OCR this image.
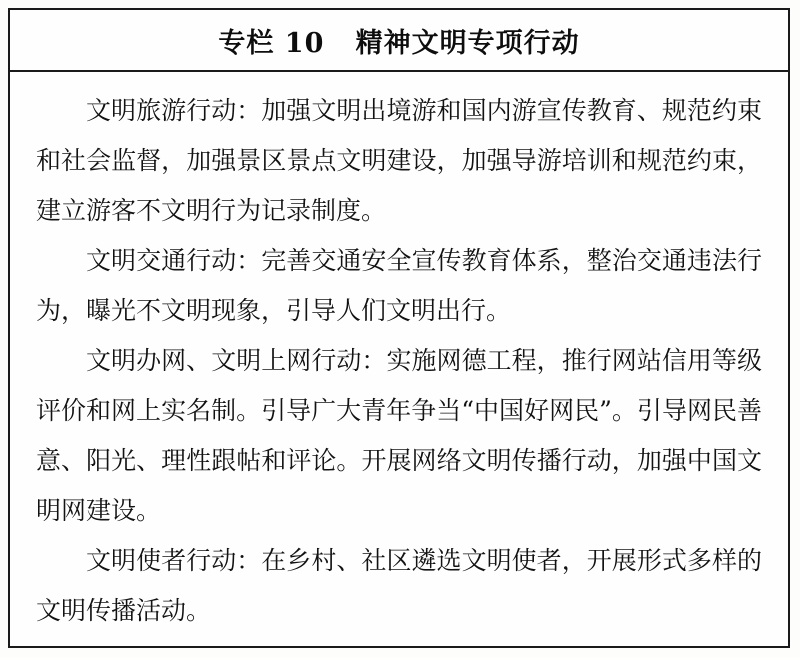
专栏 10   精神文明专项行动

文明旅游行动：加强文明出境游和国内游宣传教育、规范约束和社会监督，加强景区景点文明建设，加强导游培训和规范约束，建立游客不文明行为记录制度。

文明交通行动：完善交通安全宣传教育体系，整治交通违法行为，曝光不文明现象，引导人们文明出行。

文明办网、文明上网行动：实施网德工程，推行网站信用等级评价和网上实名制。引导广大青年争当“中国好网民”。引导网民善意、阳光、理性跟帖和评论。开展网络文明传播行动，加强中国文明网建设。

文明使者行动：在乡村、社区遴选文明使者，开展形式多样的文明传播活动。
